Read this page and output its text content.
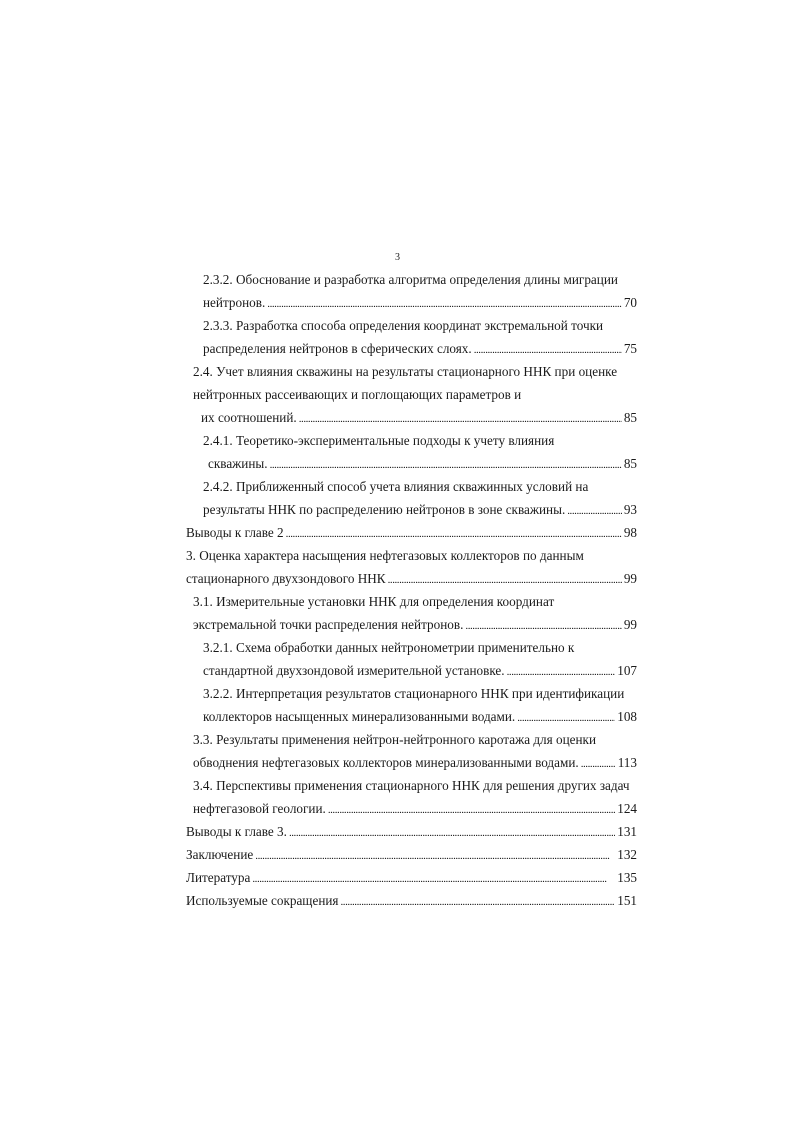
3
2.3.2. Обоснование и разработка алгоритма определения длины миграции
нейтронов. . . .	70
2.3.3. Разработка способа определения координат экстремальной точки
распределения нейтронов в сферических слоях. . . .	75
2.4. Учет влияния скважины на результаты стационарного ННК при оценке
нейтронных рассеивающих и поглощающих параметров и
их соотношений. . . .	85
2.4.1. Теоретико-экспериментальные подходы к учету влияния
скважины. . . .	85
2.4.2. Приближенный способ учета влияния скважинных условий на
результаты ННК по распределению нейтронов в зоне скважины. . . .	93
Выводы к главе 2 . . .	98
3. Оценка характера насыщения нефтегазовых коллекторов по данным
стационарного двухзондового ННК . . .	99
3.1. Измерительные установки ННК для определения координат
экстремальной точки распределения нейтронов. . . .	99
3.2.1. Схема обработки данных нейтронометрии применительно к
стандартной двухзондовой измерительной установке. . . .	107
3.2.2. Интерпретация результатов стационарного ННК при идентификации
коллекторов насыщенных минерализованными водами. . . .	108
3.3. Результаты применения нейтрон-нейтронного каротажа для оценки
обводнения нефтегазовых коллекторов минерализованными водами. . . .	113
3.4. Перспективы применения стационарного ННК для решения других задач
нефтегазовой геологии. . . .	124
Выводы к главе 3. . . .	131
Заключение . . .	132
Литература . . .	135
Используемые сокращения . . .	151
